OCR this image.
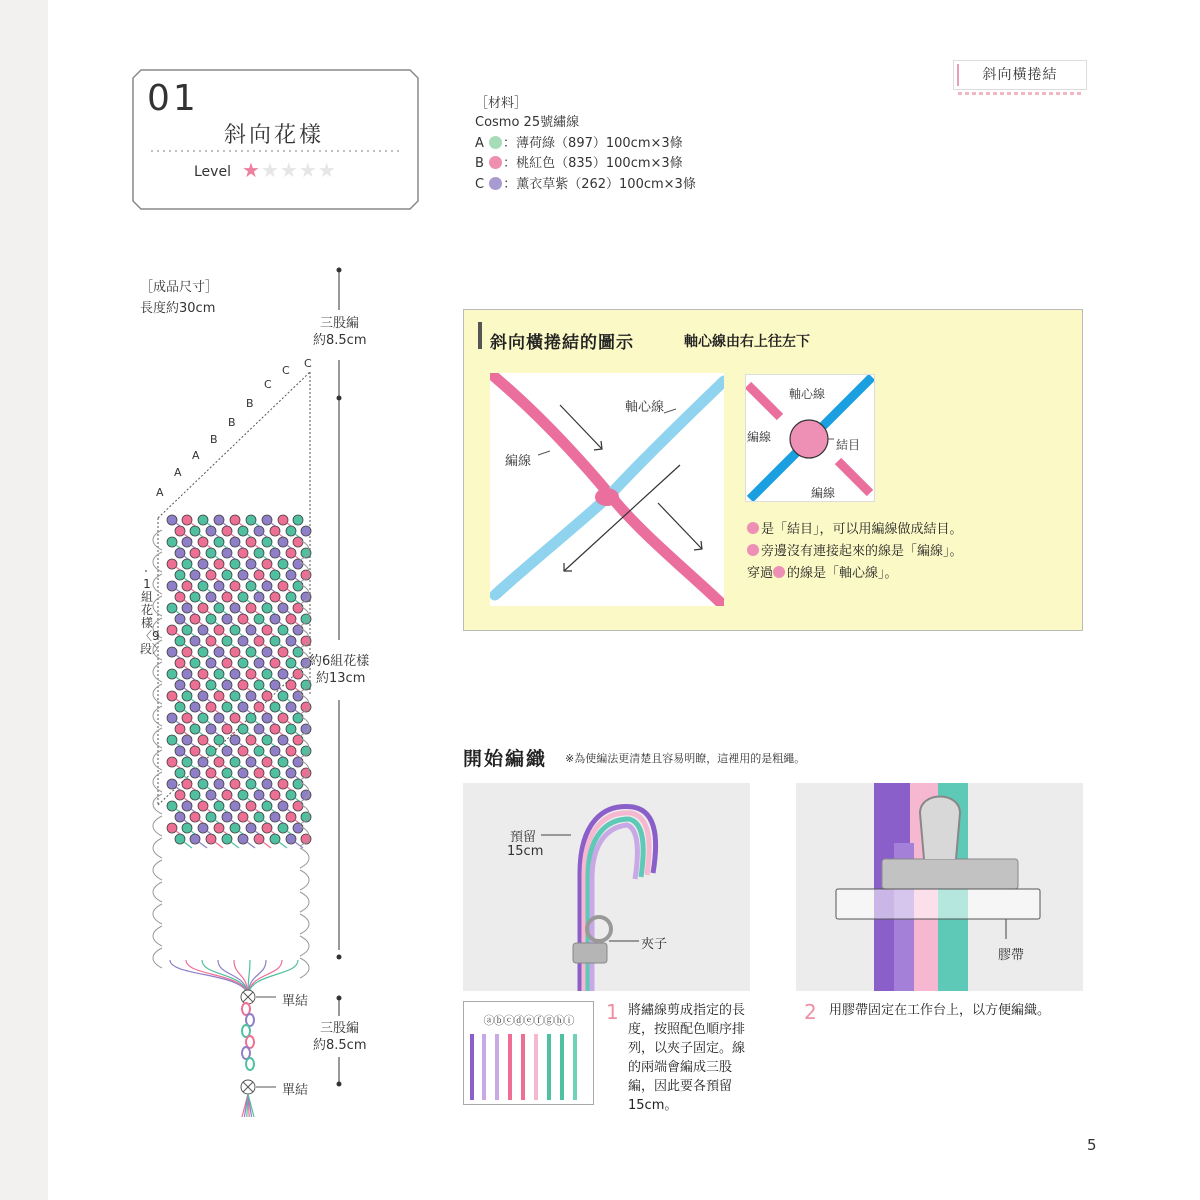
斜向橫捲結
01
斜向花樣
Level ★★★★★
［材料］
Cosmo 25號繡線
A ：薄荷綠（897）100cm×3條
B ：桃紅色（835）100cm×3條
C ：薰衣草紫（262）100cm×3條
［成品尺寸］
長度約30cm
A
A
A
B
B
B
C
C
C
三股編
約8.5cm
約6組花樣
約13cm
1組花樣〈9段〉
單結
三股編
約8.5cm
單結
斜向橫捲結的圖示	軸心線由右上往左下
軸心線
編線
軸心線
編線
結目
編線
是「結目」，可以用編線做成結目。
旁邊沒有連接起來的線是「編線」。
穿過 的線是「軸心線」。
開始編織 ※為使編法更清楚且容易明瞭，這裡用的是粗繩。
預留
15cm
夾子
ⓐⓑⓒⓓⓔⓕⓖⓗⓘ	1 將繡線剪成指定的長度，按照配色順序排列，以夾子固定。線的兩端會編成三股編，因此要各預留15cm。
膠帶
2 用膠帶固定在工作台上，以方便編織。
5
